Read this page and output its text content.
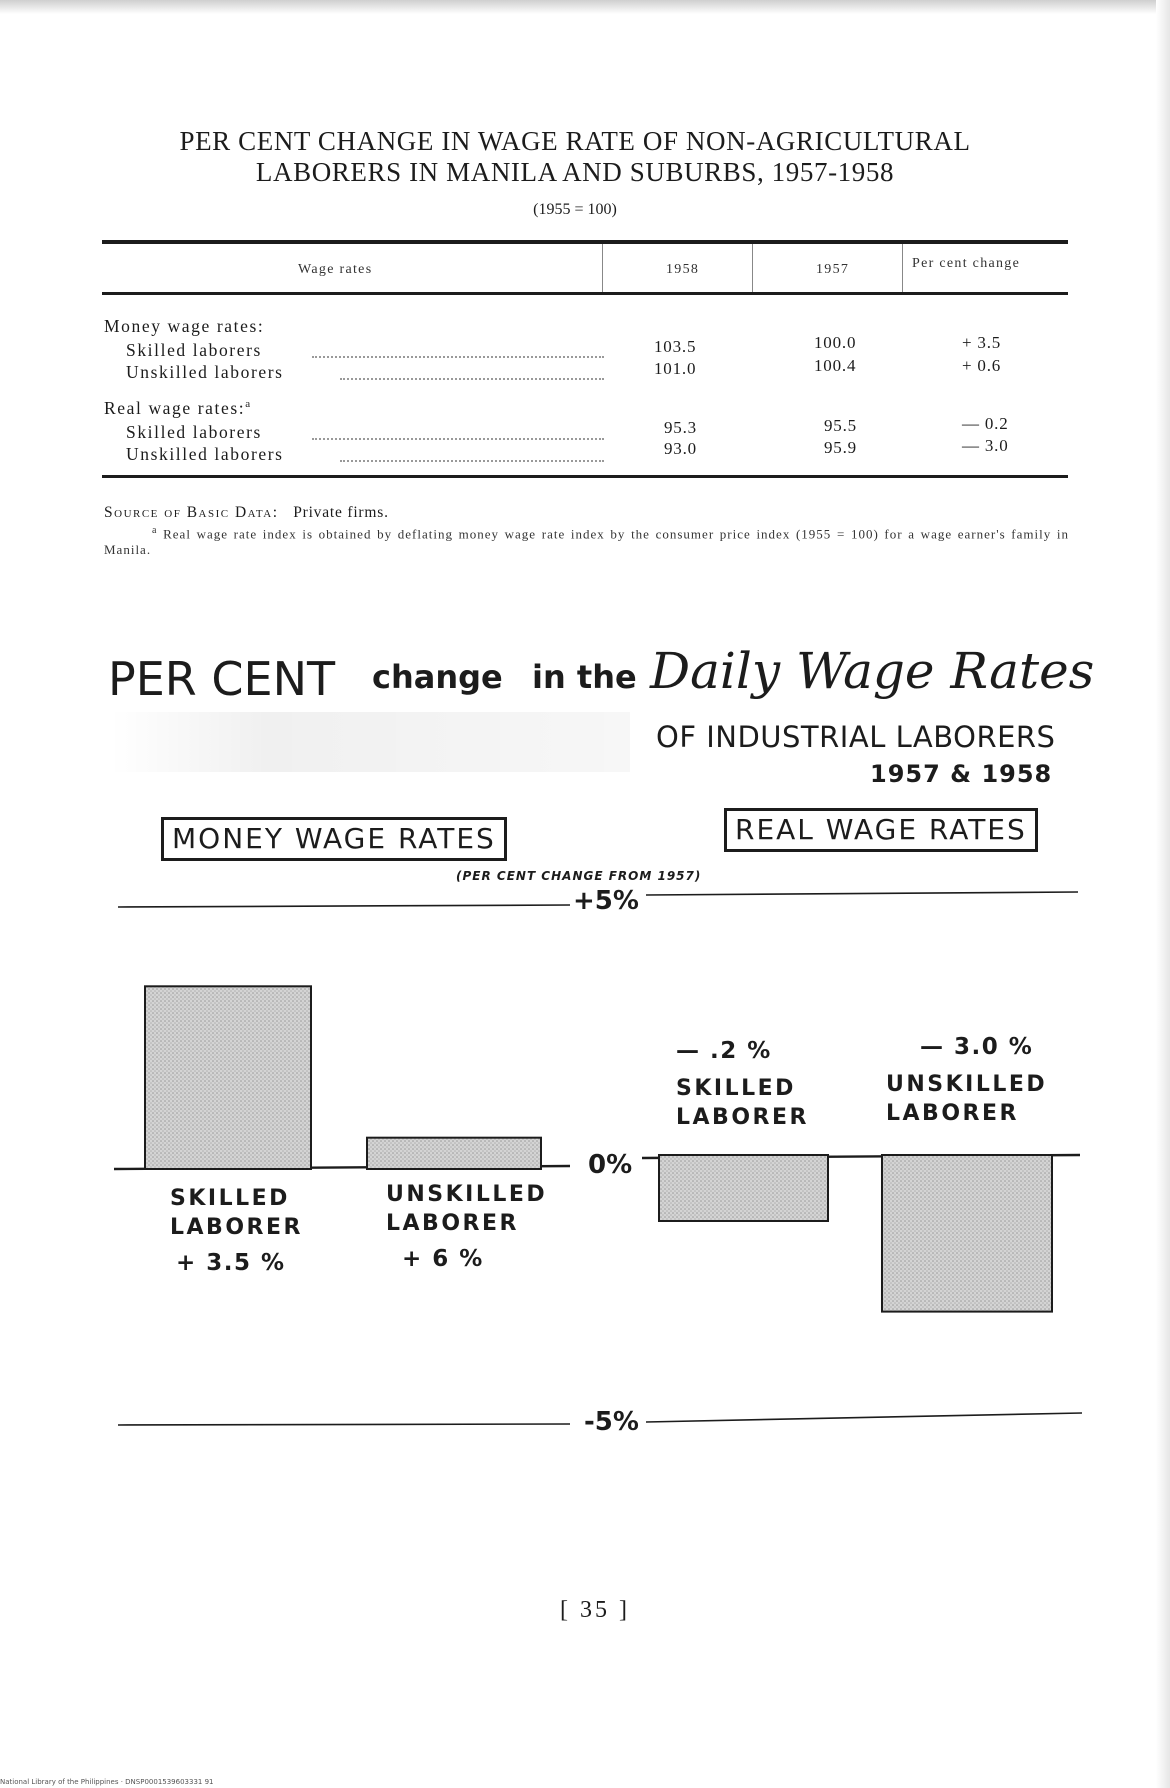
PER CENT CHANGE IN WAGE RATE OF NON-AGRICULTURAL
LABORERS IN MANILA AND SUBURBS, 1957-1958
(1955 = 100)
Wage rates	1958	1957	Per cent change
Money wage rates:
Skilled laborers	103.5	100.0	+ 3.5
Unskilled laborers	101.0	100.4	+ 0.6
Real wage rates:$^a$
Skilled laborers	95.3	95.5	— 0.2
Unskilled laborers	93.0	95.9	— 3.0
Source of Basic Data: Private firms.
$^a$ Real wage rate index is obtained by deflating money wage rate index by the consumer price index (1955 = 100) for a wage earner's family in Manila.
PER CENT change in the Daily Wage Rates
OF INDUSTRIAL LABORERS
1957 & 1958
MONEY WAGE RATES	REAL WAGE RATES
(PER CENT CHANGE FROM 1957)
+5%
0%
-5%
SKILLED
LABORER
+ 3.5 %
UNSKILLED
LABORER
+ 6 %
— .2 %
SKILLED
LABORER
— 3.0 %
UNSKILLED
LABORER
[ 35 ]
National Library of the Philippines · DNSP0001539603331 91
